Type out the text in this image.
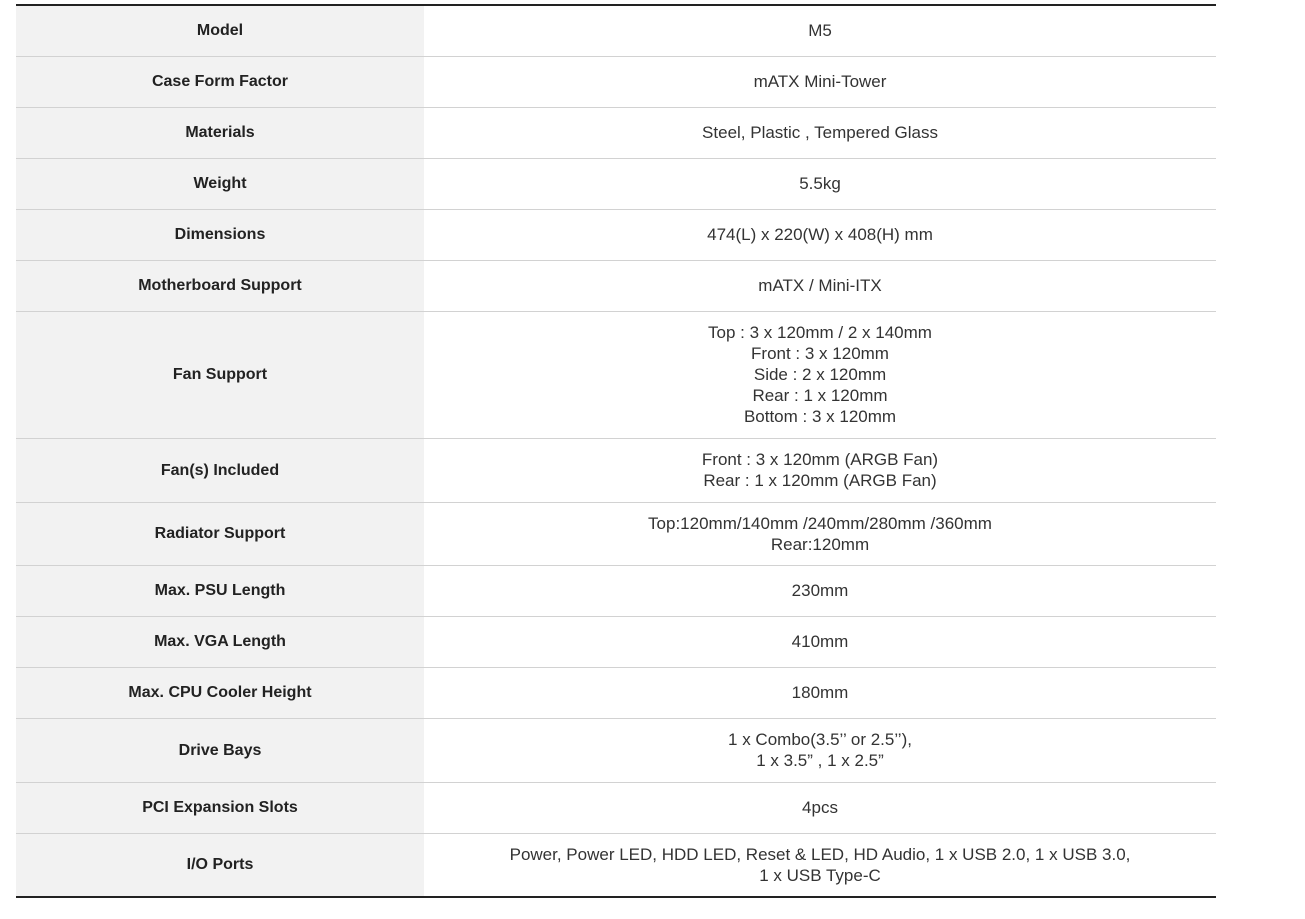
Model	M5

Case Form Factor	mATX Mini-Tower

Materials	Steel, Plastic , Tempered Glass

Weight	5.5kg

Dimensions	474(L) x 220(W) x 408(H) mm

Motherboard Support	mATX / Mini-ITX

Fan Support	Top : 3 x 120mm / 2 x 140mm
Front : 3 x 120mm
Side : 2 x 120mm
Rear : 1 x 120mm
Bottom : 3 x 120mm

Fan(s) Included	Front : 3 x 120mm (ARGB Fan)
Rear : 1 x 120mm (ARGB Fan)

Radiator Support	Top:120mm/140mm /240mm/280mm /360mm
Rear:120mm

Max. PSU Length	230mm

Max. VGA Length	410mm

Max. CPU Cooler Height	180mm

Drive Bays	1 x Combo(3.5’’ or 2.5’’),
1 x 3.5” , 1 x 2.5”

PCI Expansion Slots	4pcs

I/O Ports	Power, Power LED, HDD LED, Reset & LED, HD Audio, 1 x USB 2.0, 1 x USB 3.0,
1 x USB Type-C
